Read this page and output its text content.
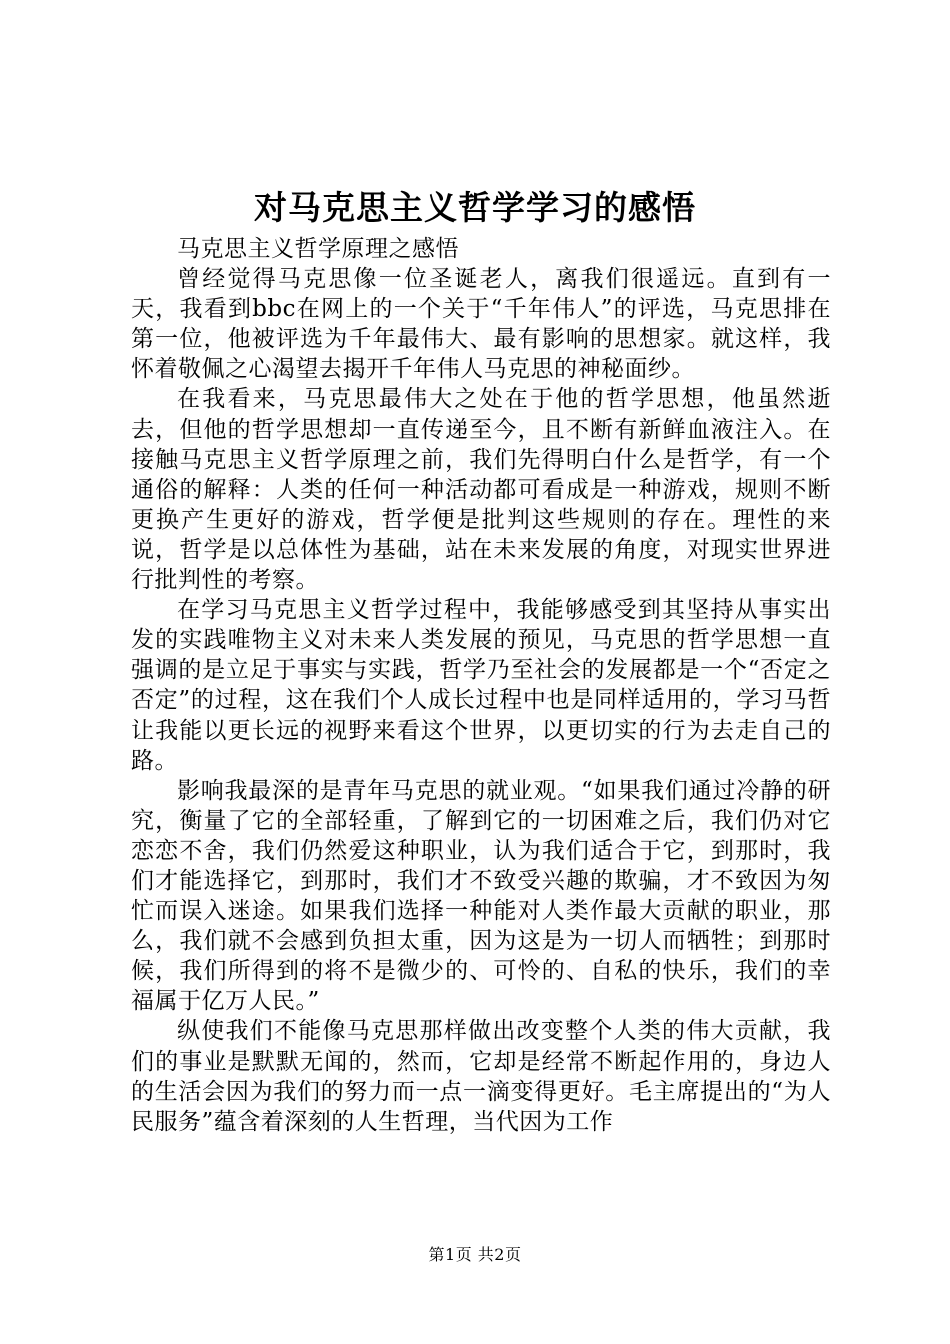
对马克思主义哲学学习的感悟

马克思主义哲学原理之感悟

曾经觉得马克思像一位圣诞老人，离我们很遥远。直到有一天，我看到bbc在网上的一个关于“千年伟人”的评选，马克思排在第一位，他被评选为千年最伟大、最有影响的思想家。就这样，我怀着敬佩之心渴望去揭开千年伟人马克思的神秘面纱。

在我看来，马克思最伟大之处在于他的哲学思想，他虽然逝去，但他的哲学思想却一直传递至今，且不断有新鲜血液注入。在接触马克思主义哲学原理之前，我们先得明白什么是哲学，有一个通俗的解释：人类的任何一种活动都可看成是一种游戏，规则不断更换产生更好的游戏，哲学便是批判这些规则的存在。理性的来说，哲学是以总体性为基础，站在未来发展的角度，对现实世界进行批判性的考察。

在学习马克思主义哲学过程中，我能够感受到其坚持从事实出发的实践唯物主义对未来人类发展的预见，马克思的哲学思想一直强调的是立足于事实与实践，哲学乃至社会的发展都是一个“否定之否定”的过程，这在我们个人成长过程中也是同样适用的，学习马哲让我能以更长远的视野来看这个世界，以更切实的行为去走自己的路。

影响我最深的是青年马克思的就业观。“如果我们通过冷静的研究，衡量了它的全部轻重，了解到它的一切困难之后，我们仍对它恋恋不舍，我们仍然爱这种职业，认为我们适合于它，到那时，我们才能选择它，到那时，我们才不致受兴趣的欺骗，才不致因为匆忙而误入迷途。如果我们选择一种能对人类作最大贡献的职业，那么，我们就不会感到负担太重，因为这是为一切人而牺牲；到那时候，我们所得到的将不是微少的、可怜的、自私的快乐，我们的幸福属于亿万人民。”

纵使我们不能像马克思那样做出改变整个人类的伟大贡献，我们的事业是默默无闻的，然而，它却是经常不断起作用的，身边人的生活会因为我们的努力而一点一滴变得更好。毛主席提出的“为人民服务”蕴含着深刻的人生哲理，当代因为工作

第1页 共2页
